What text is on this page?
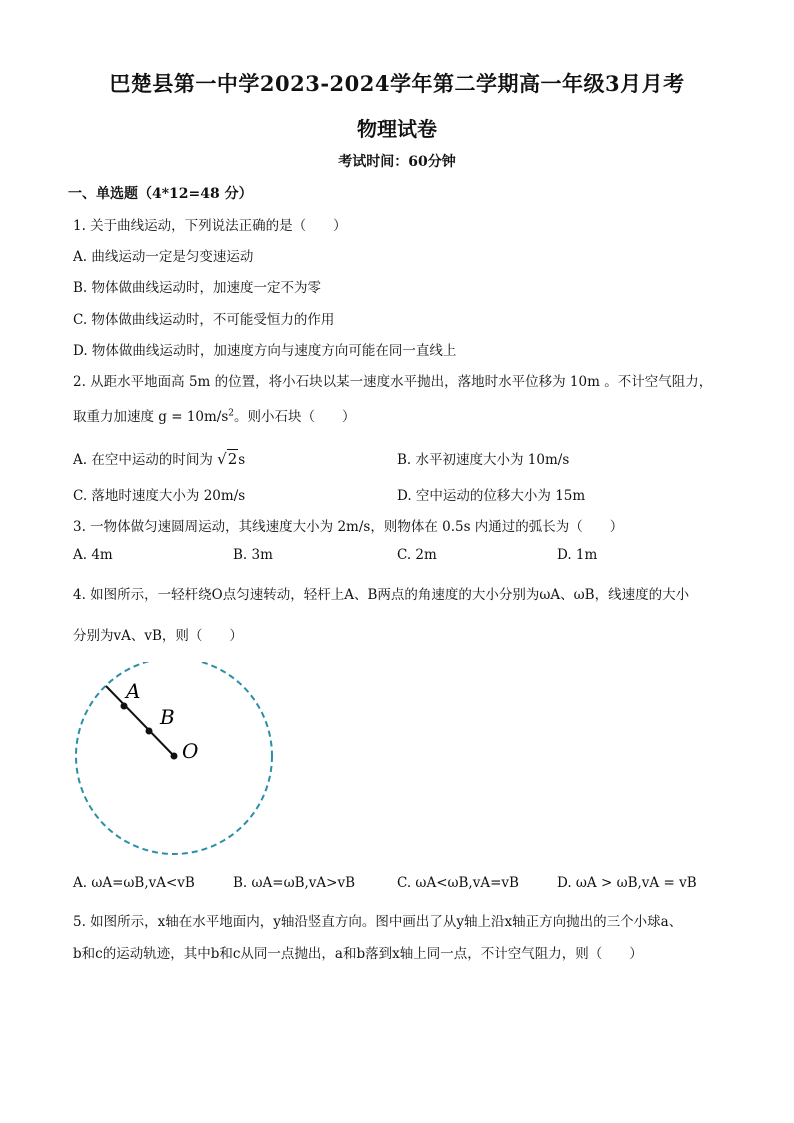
巴楚县第一中学2023-2024学年第二学期高一年级3月月考
物理试卷
考试时间：60分钟
一、单选题（4*12=48 分）
1. 关于曲线运动，下列说法正确的是（　　）
A. 曲线运动一定是匀变速运动
B. 物体做曲线运动时，加速度一定不为零
C. 物体做曲线运动时，不可能受恒力的作用
D. 物体做曲线运动时，加速度方向与速度方向可能在同一直线上
2. 从距水平地面高 5m 的位置，将小石块以某一速度水平抛出，落地时水平位移为 10m 。不计空气阻力，
取重力加速度 $g = 10m/s^2$。则小石块（　　）
A. 在空中运动的时间为 √2s	B. 水平初速度大小为 10m/s
C. 落地时速度大小为 20m/s	D. 空中运动的位移大小为 15m
3. 一物体做匀速圆周运动，其线速度大小为 2m/s，则物体在 0.5s 内通过的弧长为（　　）
A. 4m	B. 3m	C. 2m	D. 1m
4. 如图所示，一轻杆绕O点匀速转动，轻杆上A、B两点的角速度的大小分别为ωA、ωB，线速度的大小
分别为vA、vB，则（　　）
A
B
O
A. ωA=ωB,vA<vB	B. ωA=ωB,vA>vB	C. ωA<ωB,vA=vB	D. ωA > ωB,vA = vB
5. 如图所示，x轴在水平地面内，y轴沿竖直方向。图中画出了从y轴上沿x轴正方向抛出的三个小球a、
b和c的运动轨迹，其中b和c从同一点抛出，a和b落到x轴上同一点，不计空气阻力，则（　　）
